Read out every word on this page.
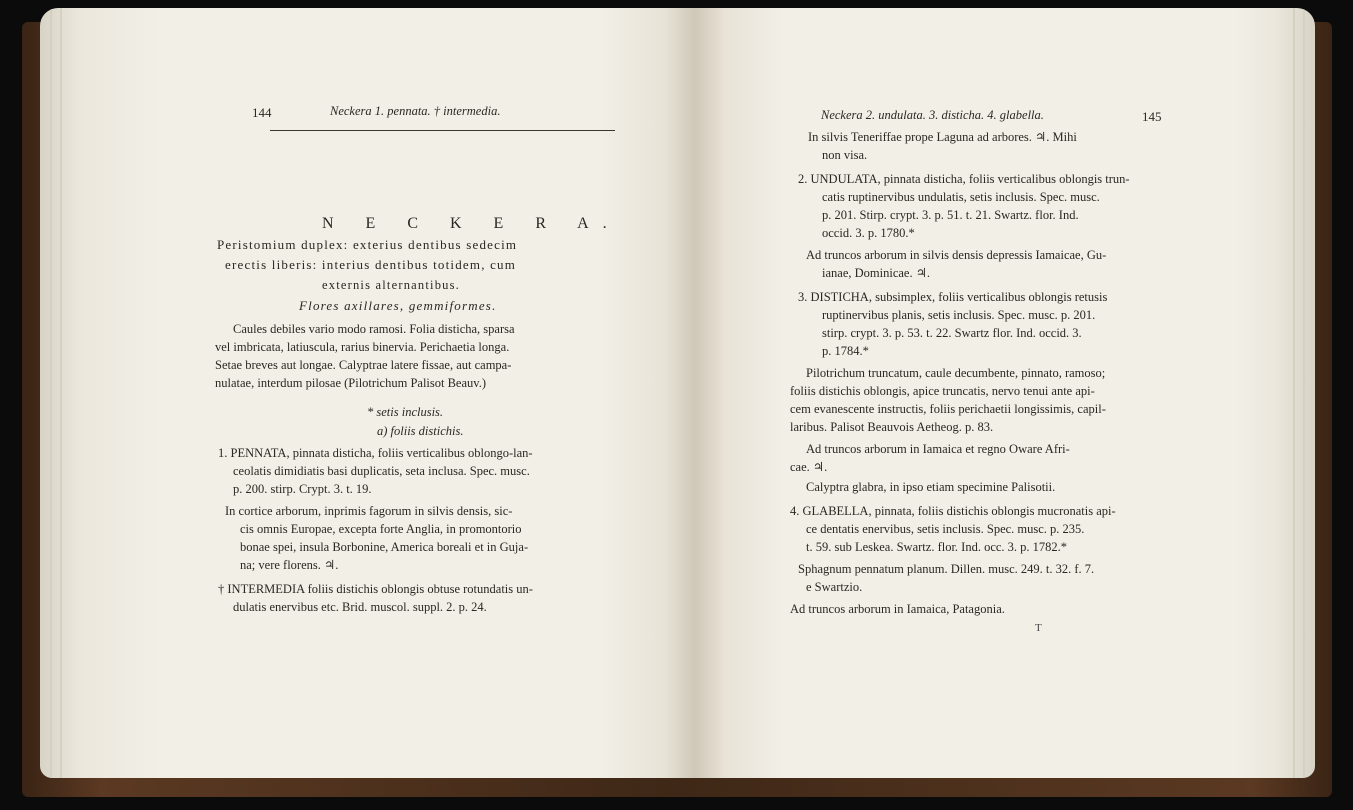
144	Neckera 1. pennata. † intermedia.
N E C K E R A.
Peristomium duplex: exterius dentibus sedecim
erectis liberis: interius dentibus totidem, cum
externis alternantibus.
Flores axillares, gemmiformes.
Caules debiles vario modo ramosi. Folia disticha, sparsa
vel imbricata, latiuscula, rarius binervia. Perichaetia longa.
Setae breves aut longae. Calyptrae latere fissae, aut campa-
nulatae, interdum pilosae (Pilotrichum Palisot Beauv.)
* setis inclusis.
a) foliis distichis.
1. PENNATA, pinnata disticha, foliis verticalibus oblongo-lan-
ceolatis dimidiatis basi duplicatis, seta inclusa. Spec. musc.
p. 200. stirp. Crypt. 3. t. 19.
In cortice arborum, inprimis fagorum in silvis densis, sic-
cis omnis Europae, excepta forte Anglia, in promontorio
bonae spei, insula Borbonine, America boreali et in Guja-
na; vere florens. ♃.
† INTERMEDIA foliis distichis oblongis obtuse rotundatis un-
dulatis enervibus etc. Brid. muscol. suppl. 2. p. 24.
Neckera 2. undulata. 3. disticha. 4. glabella.	145
In silvis Teneriffae prope Laguna ad arbores. ♃. Mihi
non visa.
2. UNDULATA, pinnata disticha, foliis verticalibus oblongis trun-
catis ruptinervibus undulatis, setis inclusis. Spec. musc.
p. 201. Stirp. crypt. 3. p. 51. t. 21. Swartz. flor. Ind.
occid. 3. p. 1780.*
Ad truncos arborum in silvis densis depressis Iamaicae, Gu-
ianae, Dominicae. ♃.
3. DISTICHA, subsimplex, foliis verticalibus oblongis retusis
ruptinervibus planis, setis inclusis. Spec. musc. p. 201.
stirp. crypt. 3. p. 53. t. 22. Swartz flor. Ind. occid. 3.
p. 1784.*
Pilotrichum truncatum, caule decumbente, pinnato, ramoso;
foliis distichis oblongis, apice truncatis, nervo tenui ante api-
cem evanescente instructis, foliis perichaetii longissimis, capil-
laribus. Palisot Beauvois Aetheog. p. 83.
Ad truncos arborum in Iamaica et regno Oware Afri-
cae. ♃.
Calyptra glabra, in ipso etiam specimine Palisotii.
4. GLABELLA, pinnata, foliis distichis oblongis mucronatis api-
ce dentatis enervibus, setis inclusis. Spec. musc. p. 235.
t. 59. sub Leskea. Swartz. flor. Ind. occ. 3. p. 1782.*
Sphagnum pennatum planum. Dillen. musc. 249. t. 32. f. 7.
e Swartzio.
Ad truncos arborum in Iamaica, Patagonia.
T
